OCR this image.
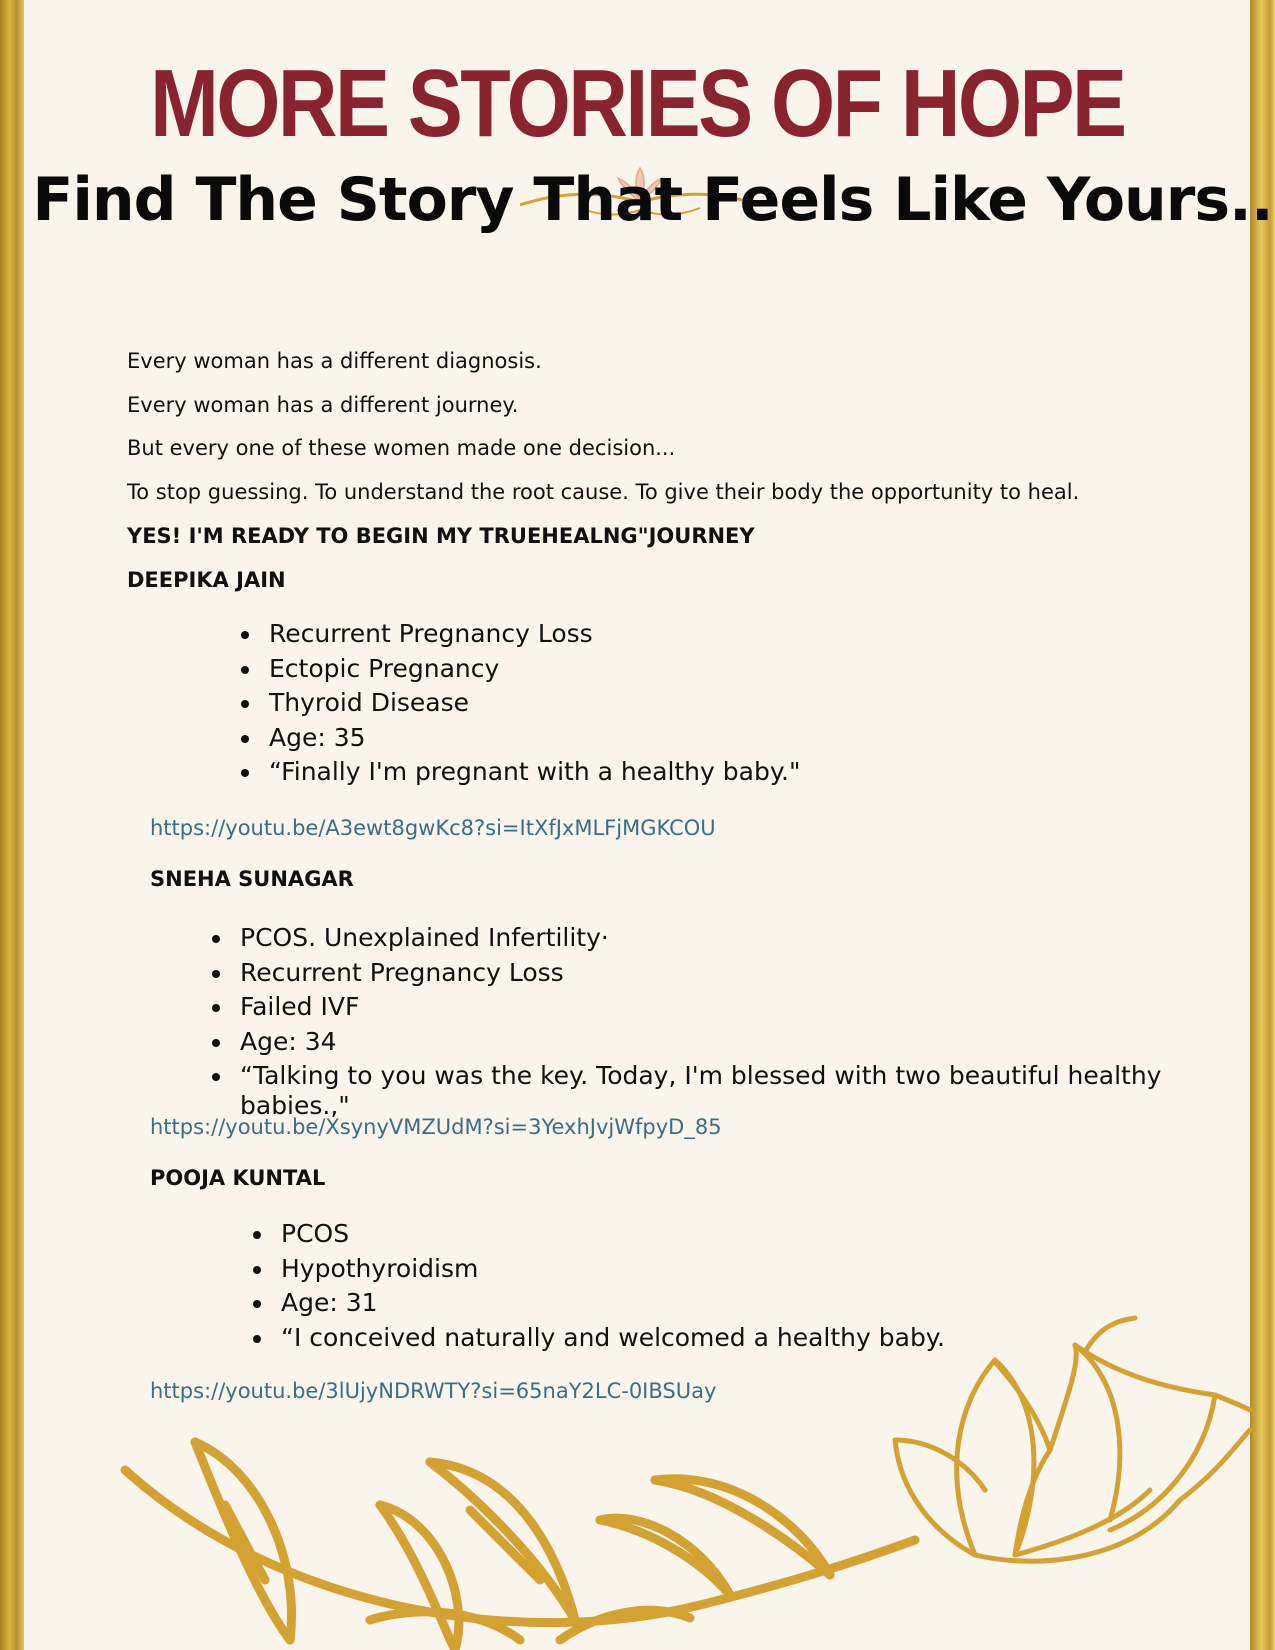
MORE STORIES OF HOPE
Find The Story That Feels Like Yours..
Every woman has a different diagnosis.
Every woman has a different journey.
But every one of these women made one decision...
To stop guessing. To understand the root cause. To give their body the opportunity to heal.
YES! I'M READY TO BEGIN MY TRUEHEALNG"JOURNEY
DEEPIKA JAIN
Recurrent Pregnancy Loss
Ectopic Pregnancy
Thyroid Disease
Age: 35
“Finally I'm pregnant with a healthy baby."
https://youtu.be/A3ewt8gwKc8?si=ItXfJxMLFjMGKCOU
SNEHA SUNAGAR
PCOS. Unexplained Infertility·
Recurrent Pregnancy Loss
Failed IVF
Age: 34
“Talking to you was the key. Today, I'm blessed with two beautiful healthy babies.,"
https://youtu.be/XsynyVMZUdM?si=3YexhJvjWfpyD_85
POOJA KUNTAL
PCOS
Hypothyroidism
Age: 31
“I conceived naturally and welcomed a healthy baby.
https://youtu.be/3lUjyNDRWTY?si=65naY2LC-0IBSUay
